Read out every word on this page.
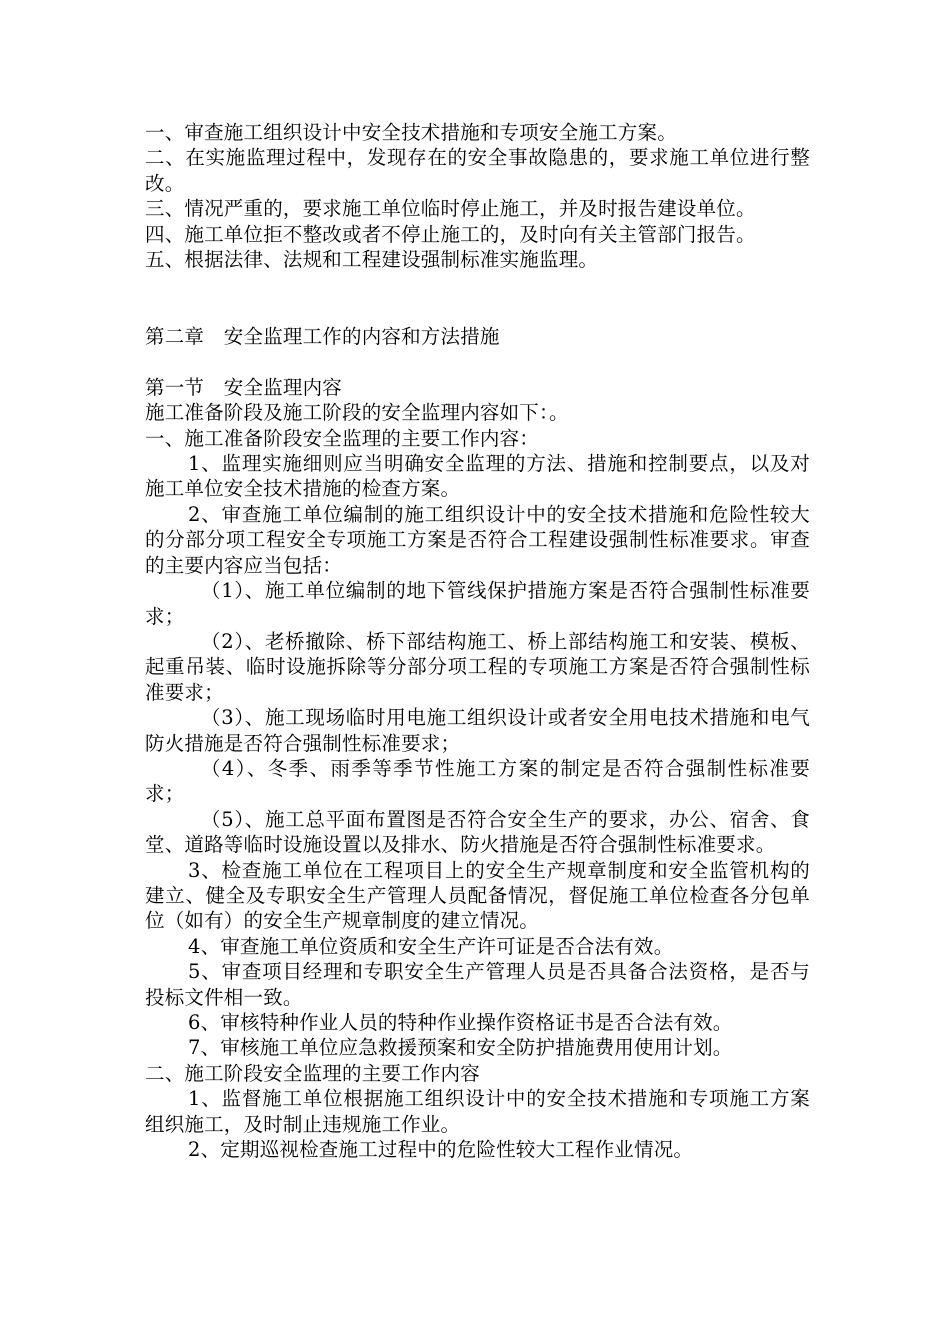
一、审查施工组织设计中安全技术措施和专项安全施工方案。

二、在实施监理过程中，发现存在的安全事故隐患的，要求施工单位进行整改。

三、情况严重的，要求施工单位临时停止施工，并及时报告建设单位。

四、施工单位拒不整改或者不停止施工的，及时向有关主管部门报告。

五、根据法律、法规和工程建设强制标准实施监理。

第二章　安全监理工作的内容和方法措施

第一节　安全监理内容

施工准备阶段及施工阶段的安全监理内容如下：。

一、施工准备阶段安全监理的主要工作内容：

1、监理实施细则应当明确安全监理的方法、措施和控制要点，以及对施工单位安全技术措施的检查方案。

2、审查施工单位编制的施工组织设计中的安全技术措施和危险性较大的分部分项工程安全专项施工方案是否符合工程建设强制性标准要求。审查的主要内容应当包括：

（1）、施工单位编制的地下管线保护措施方案是否符合强制性标准要求；

（2）、老桥撤除、桥下部结构施工、桥上部结构施工和安装、模板、起重吊装、临时设施拆除等分部分项工程的专项施工方案是否符合强制性标准要求；

（3）、施工现场临时用电施工组织设计或者安全用电技术措施和电气防火措施是否符合强制性标准要求；

（4）、冬季、雨季等季节性施工方案的制定是否符合强制性标准要求；

（5）、施工总平面布置图是否符合安全生产的要求，办公、宿舍、食堂、道路等临时设施设置以及排水、防火措施是否符合强制性标准要求。

3、检查施工单位在工程项目上的安全生产规章制度和安全监管机构的建立、健全及专职安全生产管理人员配备情况，督促施工单位检查各分包单位（如有）的安全生产规章制度的建立情况。

4、审查施工单位资质和安全生产许可证是否合法有效。

5、审查项目经理和专职安全生产管理人员是否具备合法资格，是否与投标文件相一致。

6、审核特种作业人员的特种作业操作资格证书是否合法有效。

7、审核施工单位应急救援预案和安全防护措施费用使用计划。

二、施工阶段安全监理的主要工作内容

1、监督施工单位根据施工组织设计中的安全技术措施和专项施工方案组织施工，及时制止违规施工作业。

2、定期巡视检查施工过程中的危险性较大工程作业情况。
